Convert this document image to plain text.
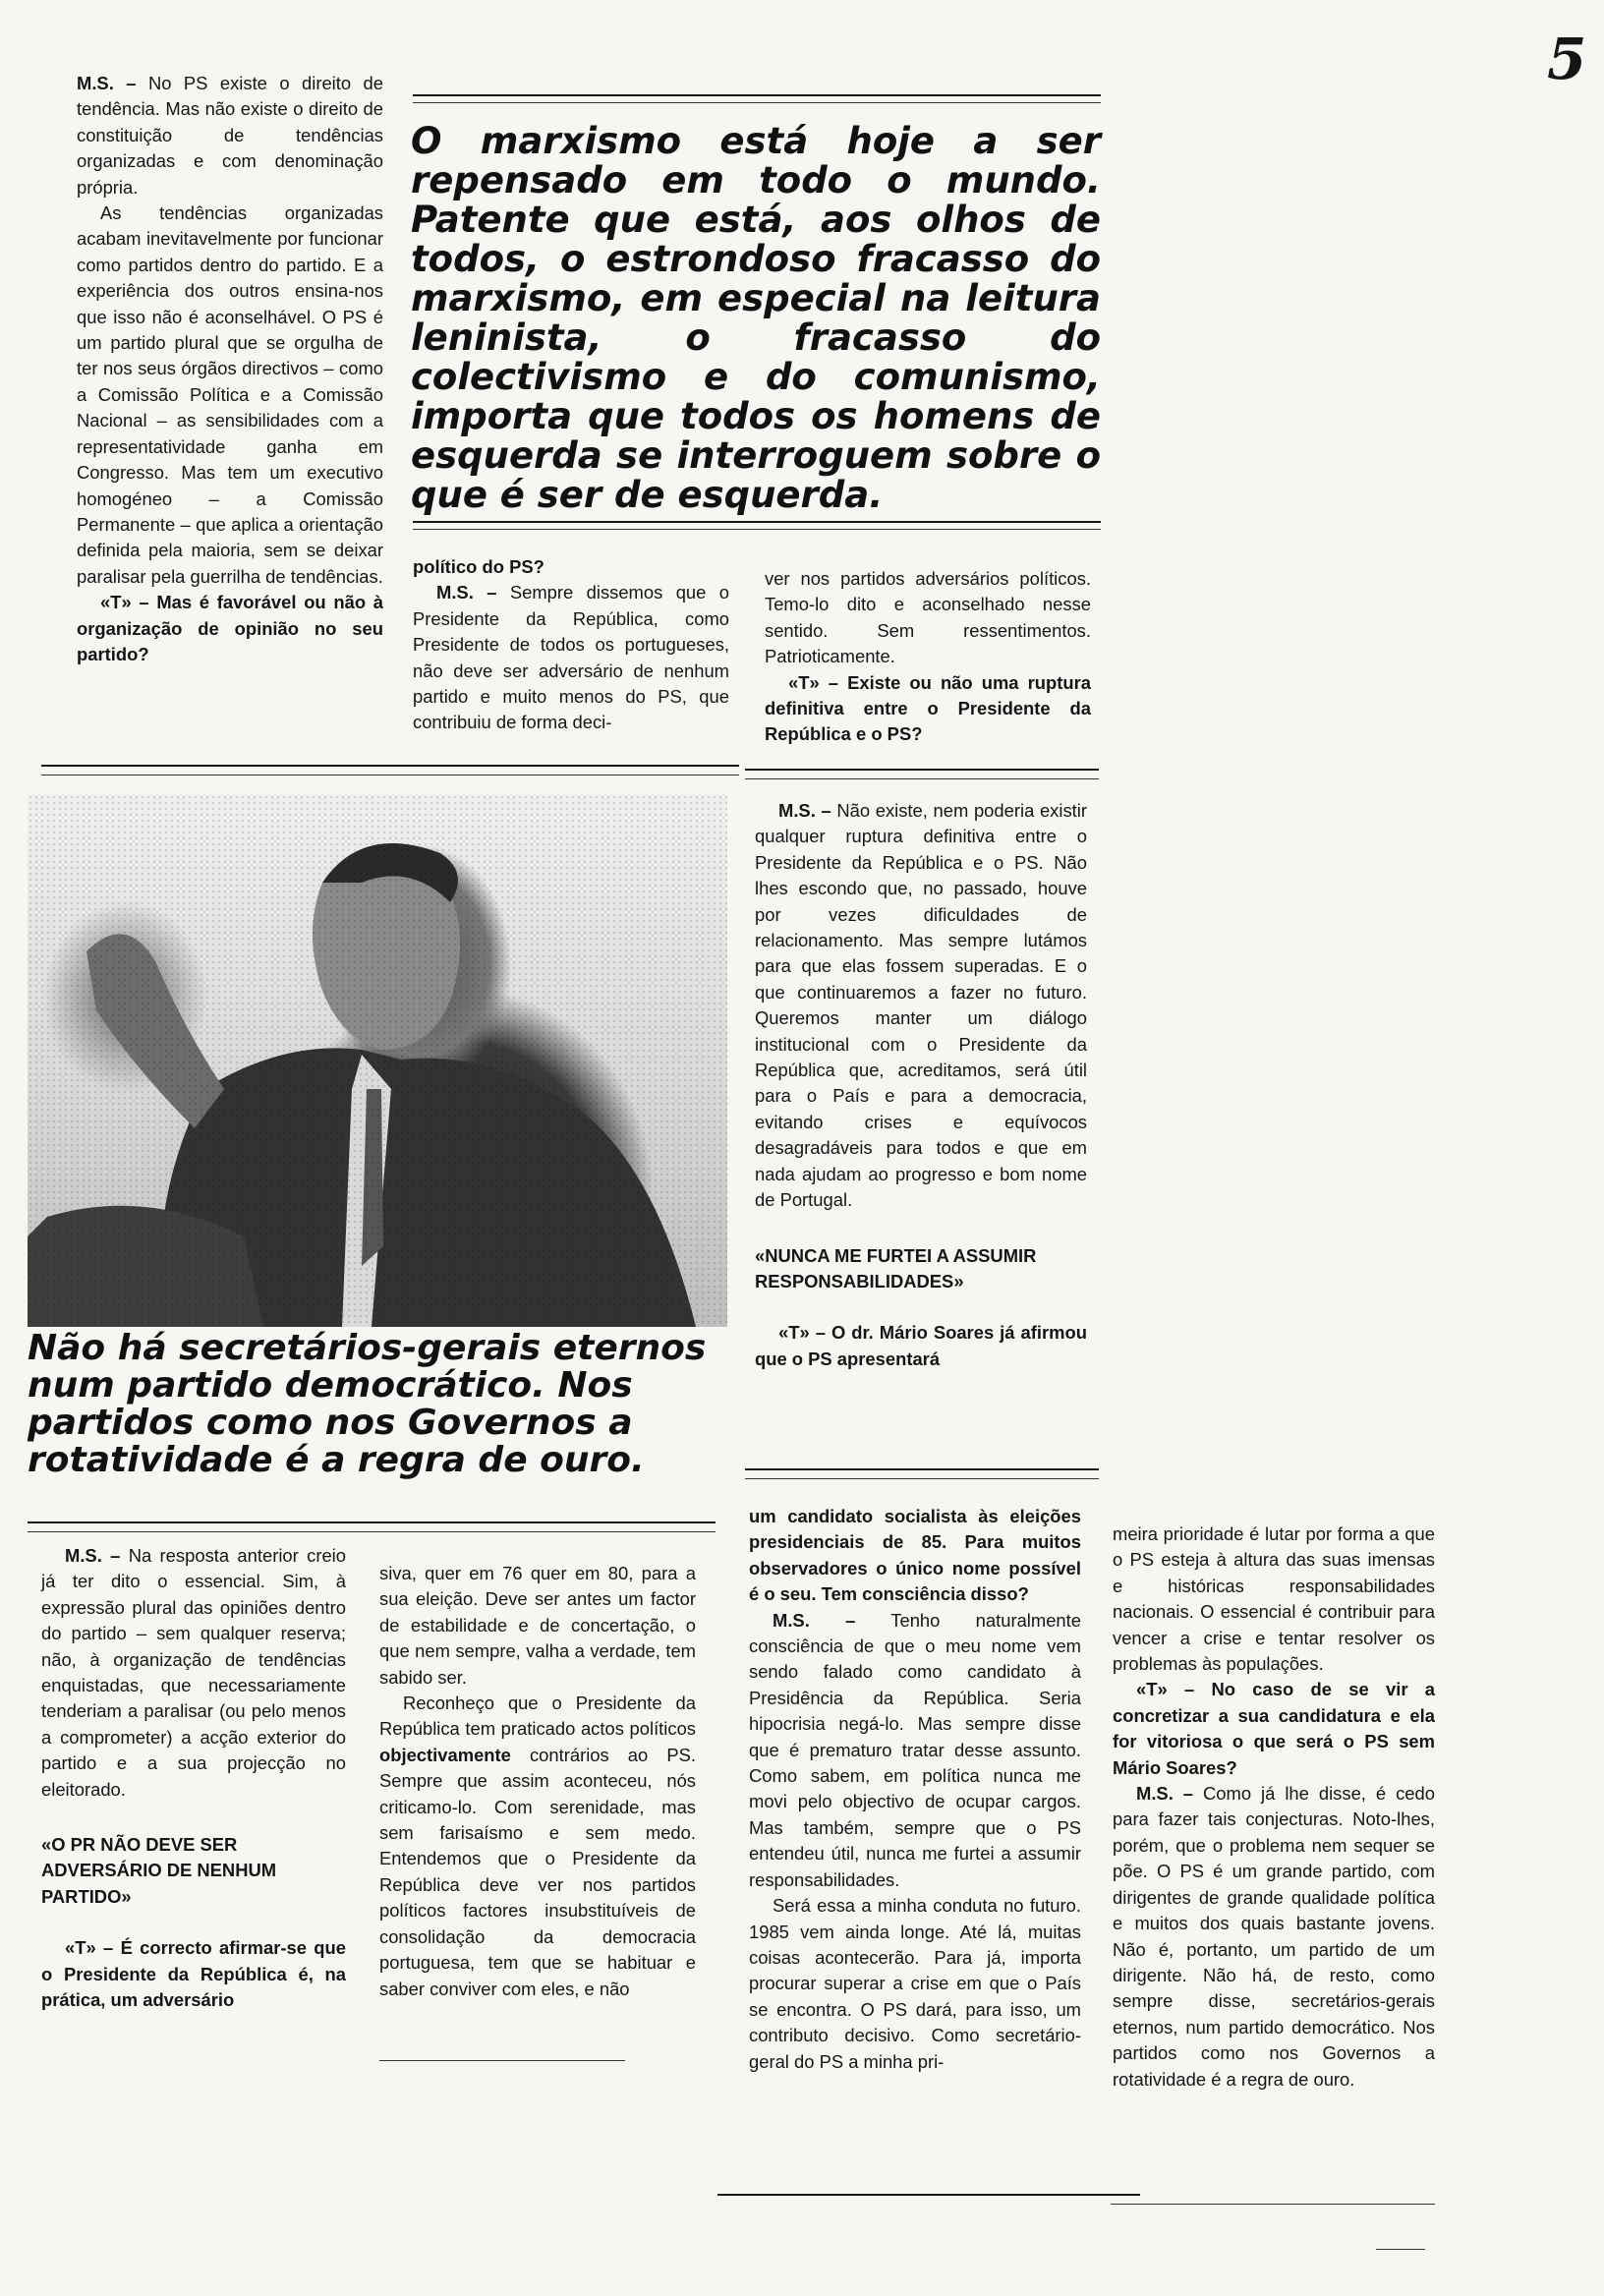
5

M.S. – No PS existe o direito de tendência. Mas não existe o direito de constituição de tendências organizadas e com denominação própria.

As tendências organizadas acabam inevitavelmente por funcionar como partidos dentro do partido. E a experiência dos outros ensina-nos que isso não é aconselhável. O PS é um partido plural que se orgulha de ter nos seus órgãos directivos – como a Comissão Política e a Comissão Nacional – as sensibilidades com a representatividade ganha em Congresso. Mas tem um executivo homogéneo – a Comissão Permanente – que aplica a orientação definida pela maioria, sem se deixar paralisar pela guerrilha de tendências.

«T» – Mas é favorável ou não à organização de opinião no seu partido?

O marxismo está hoje a ser repensado em todo o mundo. Patente que está, aos olhos de todos, o estrondoso fracasso do marxismo, em especial na leitura leninista, o fracasso do colectivismo e do comunismo, importa que todos os homens de esquerda se interroguem sobre o que é ser de esquerda.

político do PS?

M.S. – Sempre dissemos que o Presidente da República, como Presidente de todos os portugueses, não deve ser adversário de nenhum partido e muito menos do PS, que contribuiu de forma deci-

ver nos partidos adversários políticos. Temo-lo dito e aconselhado nesse sentido. Sem ressentimentos. Patrioticamente.

«T» – Existe ou não uma ruptura definitiva entre o Presidente da República e o PS?

Não há secretários-gerais eternos num partido democrático. Nos partidos como nos Governos a rotatividade é a regra de ouro.

M.S. – Não existe, nem poderia existir qualquer ruptura definitiva entre o Presidente da República e o PS. Não lhes escondo que, no passado, houve por vezes dificuldades de relacionamento. Mas sempre lutámos para que elas fossem superadas. E o que continuaremos a fazer no futuro. Queremos manter um diálogo institucional com o Presidente da República que, acreditamos, será útil para o País e para a democracia, evitando crises e equívocos desagradáveis para todos e que em nada ajudam ao progresso e bom nome de Portugal.

«NUNCA ME FURTEI A ASSUMIR RESPONSABILIDADES»

«T» – O dr. Mário Soares já afirmou que o PS apresentará

M.S. – Na resposta anterior creio já ter dito o essencial. Sim, à expressão plural das opiniões dentro do partido – sem qualquer reserva; não, à organização de tendências enquistadas, que necessariamente tenderiam a paralisar (ou pelo menos a comprometer) a acção exterior do partido e a sua projecção no eleitorado.

«O PR NÃO DEVE SER ADVERSÁRIO DE NENHUM PARTIDO»

«T» – É correcto afirmar-se que o Presidente da República é, na prática, um adversário

siva, quer em 76 quer em 80, para a sua eleição. Deve ser antes um factor de estabilidade e de concertação, o que nem sempre, valha a verdade, tem sabido ser.

Reconheço que o Presidente da República tem praticado actos políticos objectivamente contrários ao PS. Sempre que assim aconteceu, nós criticamo-lo. Com serenidade, mas sem farisaísmo e sem medo. Entendemos que o Presidente da República deve ver nos partidos políticos factores insubstituíveis de consolidação da democracia portuguesa, tem que se habituar e saber conviver com eles, e não

um candidato socialista às eleições presidenciais de 85. Para muitos observadores o único nome possível é o seu. Tem consciência disso?

M.S. – Tenho naturalmente consciência de que o meu nome vem sendo falado como candidato à Presidência da República. Seria hipocrisia negá-lo. Mas sempre disse que é prematuro tratar desse assunto. Como sabem, em política nunca me movi pelo objectivo de ocupar cargos. Mas também, sempre que o PS entendeu útil, nunca me furtei a assumir responsabilidades.

Será essa a minha conduta no futuro. 1985 vem ainda longe. Até lá, muitas coisas acontecerão. Para já, importa procurar superar a crise em que o País se encontra. O PS dará, para isso, um contributo decisivo. Como secretário-geral do PS a minha pri-

meira prioridade é lutar por forma a que o PS esteja à altura das suas imensas e históricas responsabilidades nacionais. O essencial é contribuir para vencer a crise e tentar resolver os problemas às populações.

«T» – No caso de se vir a concretizar a sua candidatura e ela for vitoriosa o que será o PS sem Mário Soares?

M.S. – Como já lhe disse, é cedo para fazer tais conjecturas. Noto-lhes, porém, que o problema nem sequer se põe. O PS é um grande partido, com dirigentes de grande qualidade política e muitos dos quais bastante jovens. Não é, portanto, um partido de um dirigente. Não há, de resto, como sempre disse, secretários-gerais eternos, num partido democrático. Nos partidos como nos Governos a rotatividade é a regra de ouro.
